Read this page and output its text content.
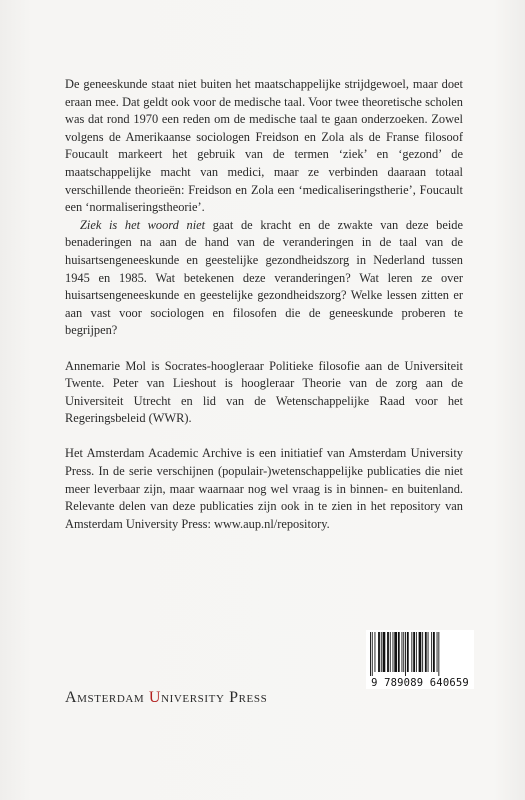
De geneeskunde staat niet buiten het maatschappelijke strijdgewoel, maar doet eraan mee. Dat geldt ook voor de medische taal. Voor twee theoretische scholen was dat rond 1970 een reden om de medische taal te gaan onderzoeken. Zowel volgens de Amerikaanse sociologen Freidson en Zola als de Franse filosoof Foucault markeert het gebruik van de termen ‘ziek’ en ‘gezond’ de maatschappelijke macht van medici, maar ze verbinden daaraan totaal verschillende theorieën: Freidson en Zola een ‘medicaliseringstherie’, Foucault een ‘normaliseringstheorie’.

Ziek is het woord niet gaat de kracht en de zwakte van deze beide benaderingen na aan de hand van de veranderingen in de taal van de huisartsengeneeskunde en geestelijke gezondheidszorg in Nederland tussen 1945 en 1985. Wat betekenen deze veranderingen? Wat leren ze over huisartsengeneeskunde en geestelijke gezondheidszorg? Welke lessen zitten er aan vast voor sociologen en filosofen die de geneeskunde proberen te begrijpen?

Annemarie Mol is Socrates-hoogleraar Politieke filosofie aan de Universiteit Twente. Peter van Lieshout is hoogleraar Theorie van de zorg aan de Universiteit Utrecht en lid van de Wetenschappelijke Raad voor het Regeringsbeleid (WWR).

Het Amsterdam Academic Archive is een initiatief van Amsterdam University Press. In de serie verschijnen (populair-)wetenschappelijke publicaties die niet meer leverbaar zijn, maar waarnaar nog wel vraag is in binnen- en buitenland. Relevante delen van deze publicaties zijn ook in te zien in het repository van Amsterdam University Press: www.aup.nl/repository.

Amsterdam University Press
9 789089 640659
